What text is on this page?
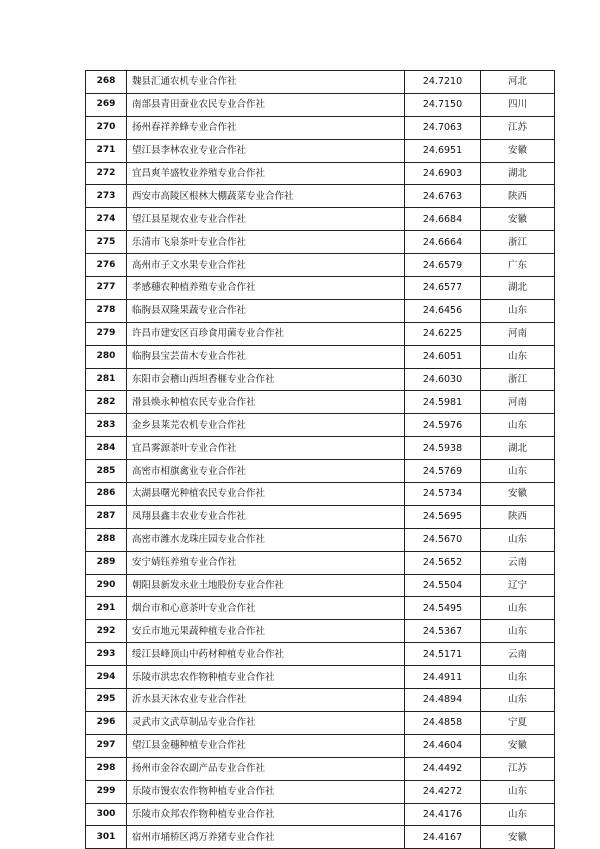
268	魏县汇通农机专业合作社	24.7210	河北
269	南部县青田蚕业农民专业合作社	24.7150	四川
270	扬州春祥养蜂专业合作社	24.7063	江苏
271	望江县李林农业专业合作社	24.6951	安徽
272	宜昌爽羊盛牧业养殖专业合作社	24.6903	湖北
273	西安市高陵区根林大棚蔬菜专业合作社	24.6763	陕西
274	望江县星规农业专业合作社	24.6684	安徽
275	乐清市飞泉茶叶专业合作社	24.6664	浙江
276	高州市子文水果专业合作社	24.6579	广东
277	孝感穗农种植养殖专业合作社	24.6577	湖北
278	临朐县双隆果蔬专业合作社	24.6456	山东
279	许昌市建安区百珍食用菌专业合作社	24.6225	河南
280	临朐县宝芸苗木专业合作社	24.6051	山东
281	东阳市会稽山西坦香榧专业合作社	24.6030	浙江
282	滑县焕永种植农民专业合作社	24.5981	河南
283	金乡县莱芫农机专业合作社	24.5976	山东
284	宜昌雾源茶叶专业合作社	24.5938	湖北
285	高密市相旗禽业专业合作社	24.5769	山东
286	太湖县曙光种植农民专业合作社	24.5734	安徽
287	凤翔县鑫丰农业专业合作社	24.5695	陕西
288	高密市潍水龙珠庄园专业合作社	24.5670	山东
289	安宁婧钰养殖专业合作社	24.5652	云南
290	朝阳县新发永业土地股份专业合作社	24.5504	辽宁
291	烟台市和心意茶叶专业合作社	24.5495	山东
292	安丘市地元果蔬种植专业合作社	24.5367	山东
293	绥江县峰顶山中药材种植专业合作社	24.5171	云南
294	乐陵市洪忠农作物种植专业合作社	24.4911	山东
295	沂水县天沐农业专业合作社	24.4894	山东
296	灵武市文武草制品专业合作社	24.4858	宁夏
297	望江县金穗种植专业合作社	24.4604	安徽
298	扬州市金谷农副产品专业合作社	24.4492	江苏
299	乐陵市馒农农作物种植专业合作社	24.4272	山东
300	乐陵市众邦农作物种植专业合作社	24.4176	山东
301	宿州市埇桥区鸿万养猪专业合作社	24.4167	安徽
